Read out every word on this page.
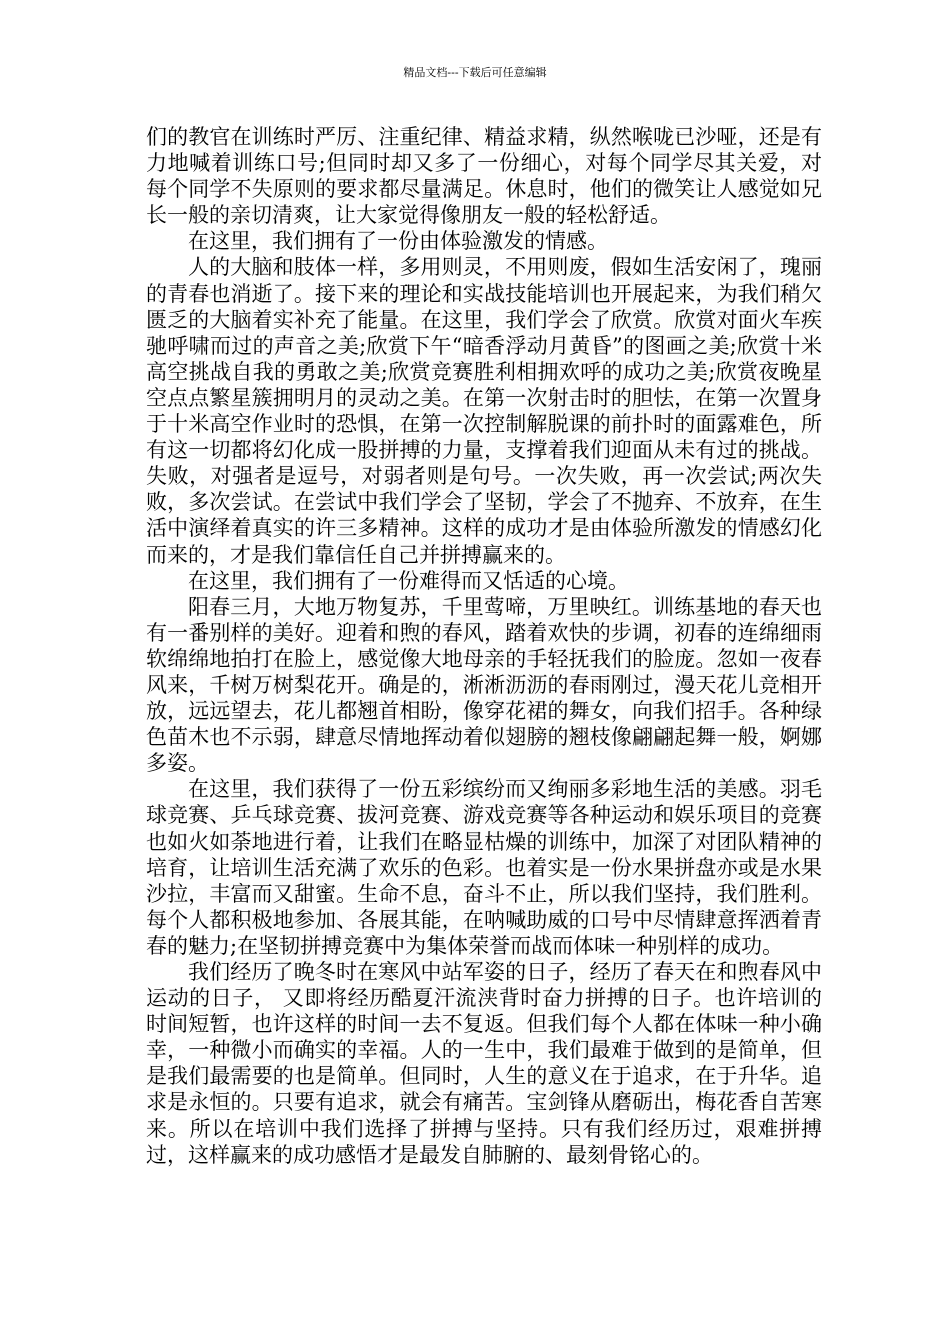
精品文档---下载后可任意编辑

们的教官在训练时严厉、注重纪律、精益求精，纵然喉咙已沙哑，还是有力地喊着训练口号;但同时却又多了一份细心，对每个同学尽其关爱，对每个同学不失原则的要求都尽量满足。休息时，他们的微笑让人感觉如兄长一般的亲切清爽，让大家觉得像朋友一般的轻松舒适。

在这里，我们拥有了一份由体验激发的情感。

人的大脑和肢体一样，多用则灵，不用则废，假如生活安闲了，瑰丽的青春也消逝了。接下来的理论和实战技能培训也开展起来，为我们稍欠匮乏的大脑着实补充了能量。在这里，我们学会了欣赏。欣赏对面火车疾驰呼啸而过的声音之美;欣赏下午“暗香浮动月黄昏”的图画之美;欣赏十米高空挑战自我的勇敢之美;欣赏竞赛胜利相拥欢呼的成功之美;欣赏夜晚星空点点繁星簇拥明月的灵动之美。在第一次射击时的胆怯，在第一次置身于十米高空作业时的恐惧，在第一次控制解脱课的前扑时的面露难色，所有这一切都将幻化成一股拼搏的力量，支撑着我们迎面从未有过的挑战。失败，对强者是逗号，对弱者则是句号。一次失败，再一次尝试;两次失败，多次尝试。在尝试中我们学会了坚韧，学会了不抛弃、不放弃，在生活中演绎着真实的许三多精神。这样的成功才是由体验所激发的情感幻化而来的，才是我们靠信任自己并拼搏赢来的。

在这里，我们拥有了一份难得而又恬适的心境。

阳春三月，大地万物复苏，千里莺啼，万里映红。训练基地的春天也有一番别样的美好。迎着和煦的春风，踏着欢快的步调，初春的连绵细雨软绵绵地拍打在脸上，感觉像大地母亲的手轻抚我们的脸庞。忽如一夜春风来，千树万树梨花开。确是的，淅淅沥沥的春雨刚过，漫天花儿竞相开放，远远望去，花儿都翘首相盼，像穿花裙的舞女，向我们招手。各种绿色苗木也不示弱，肆意尽情地挥动着似翅膀的翘枝像翩翩起舞一般，婀娜多姿。

在这里，我们获得了一份五彩缤纷而又绚丽多彩地生活的美感。羽毛球竞赛、乒乓球竞赛、拔河竞赛、游戏竞赛等各种运动和娱乐项目的竞赛也如火如荼地进行着，让我们在略显枯燥的训练中，加深了对团队精神的培育，让培训生活充满了欢乐的色彩。也着实是一份水果拼盘亦或是水果沙拉，丰富而又甜蜜。生命不息，奋斗不止，所以我们坚持，我们胜利。每个人都积极地参加、各展其能，在呐喊助威的口号中尽情肆意挥洒着青春的魅力;在坚韧拼搏竞赛中为集体荣誉而战而体味一种别样的成功。

我们经历了晚冬时在寒风中站军姿的日子，经历了春天在和煦春风中运动的日子， 又即将经历酷夏汗流浃背时奋力拼搏的日子。也许培训的时间短暂，也许这样的时间一去不复返。但我们每个人都在体味一种小确幸，一种微小而确实的幸福。人的一生中，我们最难于做到的是简单，但是我们最需要的也是简单。但同时，人生的意义在于追求，在于升华。追求是永恒的。只要有追求，就会有痛苦。宝剑锋从磨砺出，梅花香自苦寒来。所以在培训中我们选择了拼搏与坚持。只有我们经历过，艰难拼搏过，这样赢来的成功感悟才是最发自肺腑的、最刻骨铭心的。
